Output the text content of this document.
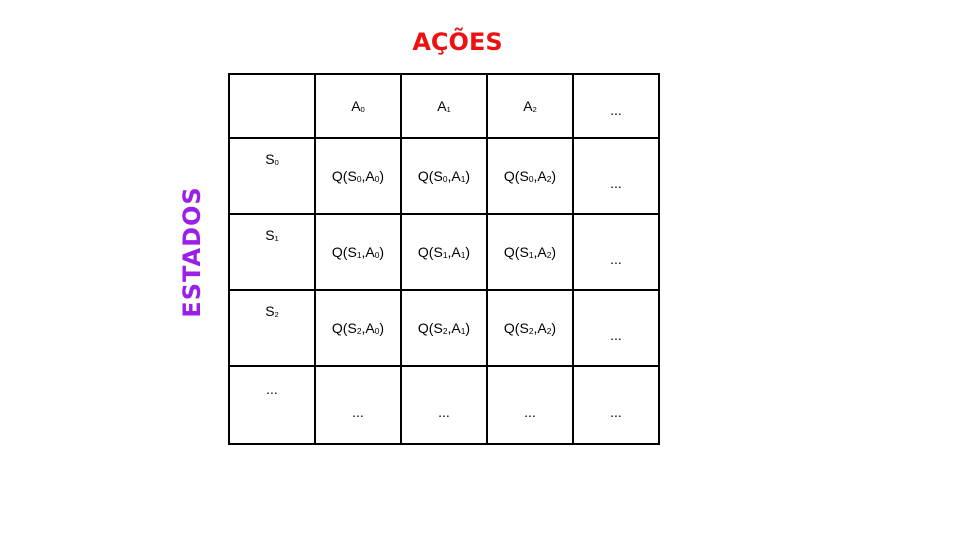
AÇÕES
ESTADOS
	A0	A1	A2	...
S0	Q(S0,A0)	Q(S0,A1)	Q(S0,A2)	...
S1	Q(S1,A0)	Q(S1,A1)	Q(S1,A2)	...
S2	Q(S2,A0)	Q(S2,A1)	Q(S2,A2)	...
...	...	...	...	...
